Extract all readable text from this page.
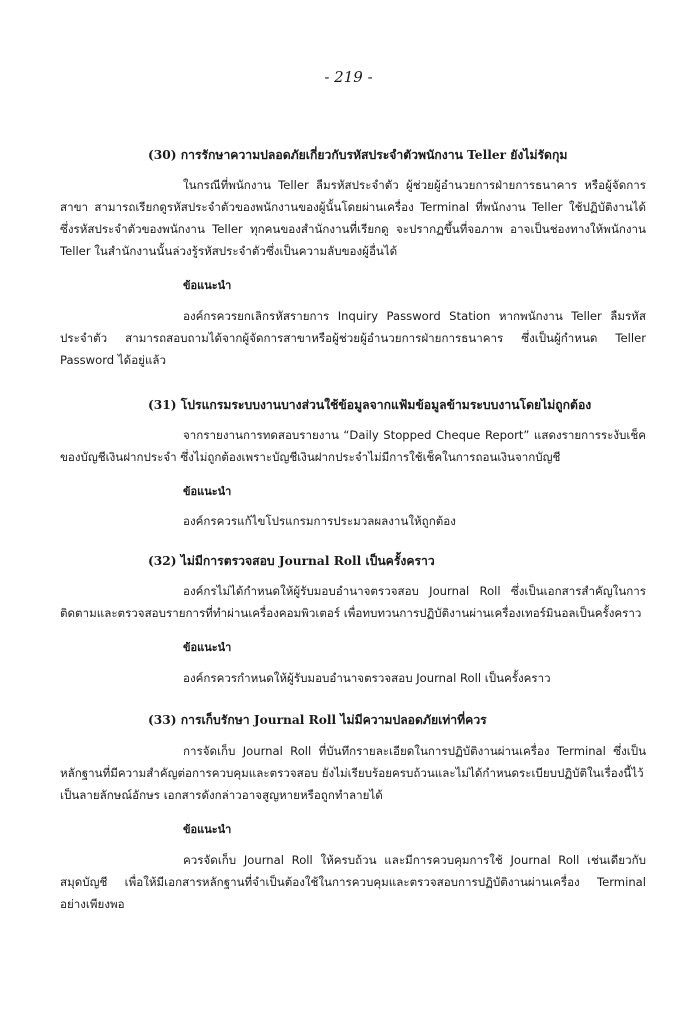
- 219 -
(30) การรักษาความปลอดภัยเกี่ยวกับรหัสประจำตัวพนักงาน Teller ยังไม่รัดกุม
ในกรณีที่พนักงาน Teller ลืมรหัสประจำตัว ผู้ช่วยผู้อำนวยการฝ่ายการธนาคาร หรือผู้จัดการ
สาขา สามารถเรียกดูรหัสประจำตัวของพนักงานของผู้นั้นโดยผ่านเครื่อง Terminal ที่พนักงาน Teller ใช้ปฏิบัติงานได้
ซึ่งรหัสประจำตัวของพนักงาน Teller ทุกคนของสำนักงานที่เรียกดู จะปรากฏขึ้นที่จอภาพ อาจเป็นช่องทางให้พนักงาน
Teller ในสำนักงานนั้นล่วงรู้รหัสประจำตัวซึ่งเป็นความลับของผู้อื่นได้
ข้อแนะนำ
องค์กรควรยกเลิกรหัสรายการ Inquiry Password Station หากพนักงาน Teller ลืมรหัส
ประจำตัว สามารถสอบถามได้จากผู้จัดการสาขาหรือผู้ช่วยผู้อำนวยการฝ่ายการธนาคาร ซึ่งเป็นผู้กำหนด Teller
Password ได้อยู่แล้ว
(31) โปรแกรมระบบงานบางส่วนใช้ข้อมูลจากแฟ้มข้อมูลข้ามระบบงานโดยไม่ถูกต้อง
จากรายงานการทดสอบรายงาน “Daily Stopped Cheque Report” แสดงรายการระงับเช็ค
ของบัญชีเงินฝากประจำ ซึ่งไม่ถูกต้องเพราะบัญชีเงินฝากประจำไม่มีการใช้เช็คในการถอนเงินจากบัญชี
ข้อแนะนำ
องค์กรควรแก้ไขโปรแกรมการประมวลผลงานให้ถูกต้อง
(32) ไม่มีการตรวจสอบ Journal Roll เป็นครั้งคราว
องค์กรไม่ได้กำหนดให้ผู้รับมอบอำนาจตรวจสอบ Journal Roll ซึ่งเป็นเอกสารสำคัญในการ
ติดตามและตรวจสอบรายการที่ทำผ่านเครื่องคอมพิวเตอร์ เพื่อทบทวนการปฏิบัติงานผ่านเครื่องเทอร์มินอลเป็นครั้งคราว
ข้อแนะนำ
องค์กรควรกำหนดให้ผู้รับมอบอำนาจตรวจสอบ Journal Roll เป็นครั้งคราว
(33) การเก็บรักษา Journal Roll ไม่มีความปลอดภัยเท่าที่ควร
การจัดเก็บ Journal Roll ที่บันทึกรายละเอียดในการปฏิบัติงานผ่านเครื่อง Terminal ซึ่งเป็น
หลักฐานที่มีความสำคัญต่อการควบคุมและตรวจสอบ ยังไม่เรียบร้อยครบถ้วนและไม่ได้กำหนดระเบียบปฏิบัติในเรื่องนี้ไว้
เป็นลายลักษณ์อักษร เอกสารดังกล่าวอาจสูญหายหรือถูกทำลายได้
ข้อแนะนำ
ควรจัดเก็บ Journal Roll ให้ครบถ้วน และมีการควบคุมการใช้ Journal Roll เช่นเดียวกับ
สมุดบัญชี เพื่อให้มีเอกสารหลักฐานที่จำเป็นต้องใช้ในการควบคุมและตรวจสอบการปฏิบัติงานผ่านเครื่อง Terminal
อย่างเพียงพอ
